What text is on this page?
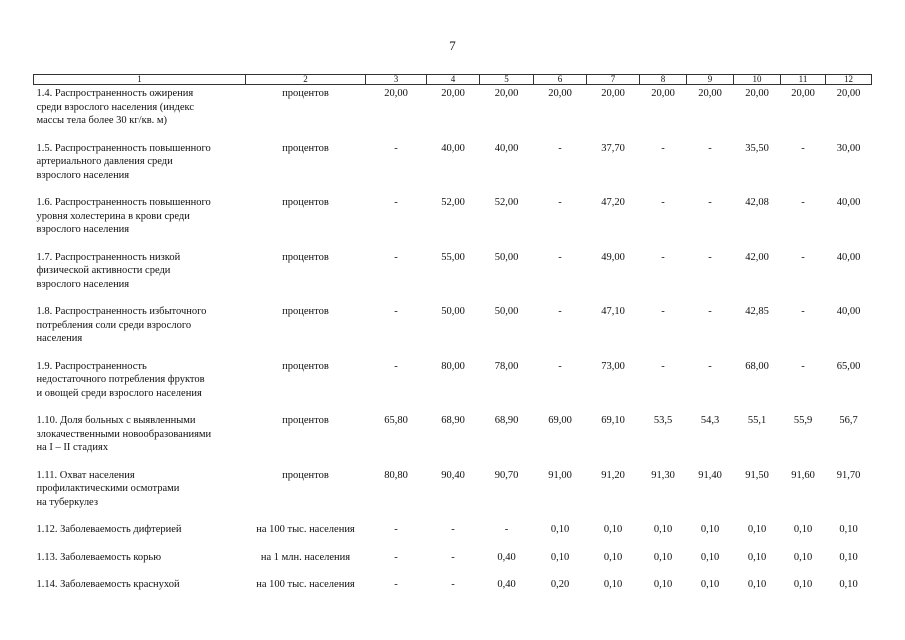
7
1	2	3	4	5	6	7	8	9	10	11	12

1.4. Распространенность ожирения
среди взрослого населения (индекс
массы тела более 30 кг/кв. м)	процентов	20,00	20,00	20,00	20,00	20,00	20,00	20,00	20,00	20,00	20,00

1.5. Распространенность повышенного
артериального давления среди
взрослого населения	процентов	-	40,00	40,00	-	37,70	-	-	35,50	-	30,00

1.6. Распространенность повышенного
уровня холестерина в крови среди
взрослого населения	процентов	-	52,00	52,00	-	47,20	-	-	42,08	-	40,00

1.7. Распространенность низкой
физической активности среди
взрослого населения	процентов	-	55,00	50,00	-	49,00	-	-	42,00	-	40,00

1.8. Распространенность избыточного
потребления соли среди взрослого
населения	процентов	-	50,00	50,00	-	47,10	-	-	42,85	-	40,00

1.9. Распространенность
недостаточного потребления фруктов
и овощей среди взрослого населения	процентов	-	80,00	78,00	-	73,00	-	-	68,00	-	65,00

1.10. Доля больных с выявленными
злокачественными новообразованиями
на I – II стадиях	процентов	65,80	68,90	68,90	69,00	69,10	53,5	54,3	55,1	55,9	56,7

1.11. Охват населения
профилактическими осмотрами
на туберкулез	процентов	80,80	90,40	90,70	91,00	91,20	91,30	91,40	91,50	91,60	91,70

1.12. Заболеваемость дифтерией	на 100 тыс. населения	-	-	-	0,10	0,10	0,10	0,10	0,10	0,10	0,10

1.13. Заболеваемость корью	на 1 млн. населения	-	-	0,40	0,10	0,10	0,10	0,10	0,10	0,10	0,10

1.14. Заболеваемость краснухой	на 100 тыс. населения	-	-	0,40	0,20	0,10	0,10	0,10	0,10	0,10	0,10
